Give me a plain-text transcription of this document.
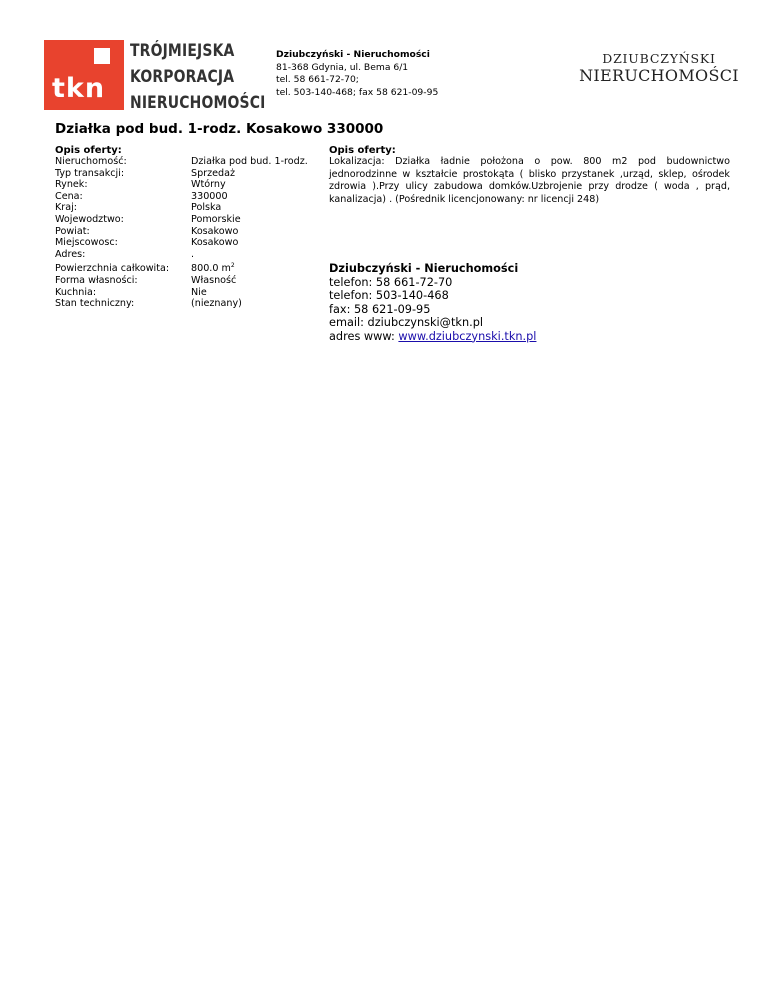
tkn
TRÓJMIEJSKA
KORPORACJA
NIERUCHOMOŚCI
Dziubczyński - Nieruchomości
81-368 Gdynia, ul. Bema 6/1
tel. 58 661-72-70;
tel. 503-140-468; fax 58 621-09-95
DZIUBCZYŃSKI
NIERUCHOMOŚCI
Działka pod bud. 1-rodz. Kosakowo 330000
Opis oferty:
Nieruchomość:	Działka pod bud. 1-rodz.
Typ transakcji:	Sprzedaż
Rynek:	Wtórny
Cena:	330000
Kraj:	Polska
Wojewodztwo:	Pomorskie
Powiat:	Kosakowo
Miejscowosc:	Kosakowo
Adres:	.
Powierzchnia całkowita:	800.0 $m^2$
Forma własności:	Własność
Kuchnia:	Nie
Stan techniczny:	(nieznany)
Opis oferty:
Lokalizacja: Działka ładnie położona o pow. 800 m2 pod budownictwo jednorodzinne w kształcie prostokąta ( blisko przystanek ,urząd, sklep, ośrodek zdrowia ).Przy ulicy zabudowa domków.Uzbrojenie przy drodze ( woda , prąd, kanalizacja) . (Pośrednik licencjonowany: nr licencji 248)
Dziubczyński - Nieruchomości
telefon: 58 661-72-70
telefon: 503-140-468
fax: 58 621-09-95
email: dziubczynski@tkn.pl
adres www: www.dziubczynski.tkn.pl
